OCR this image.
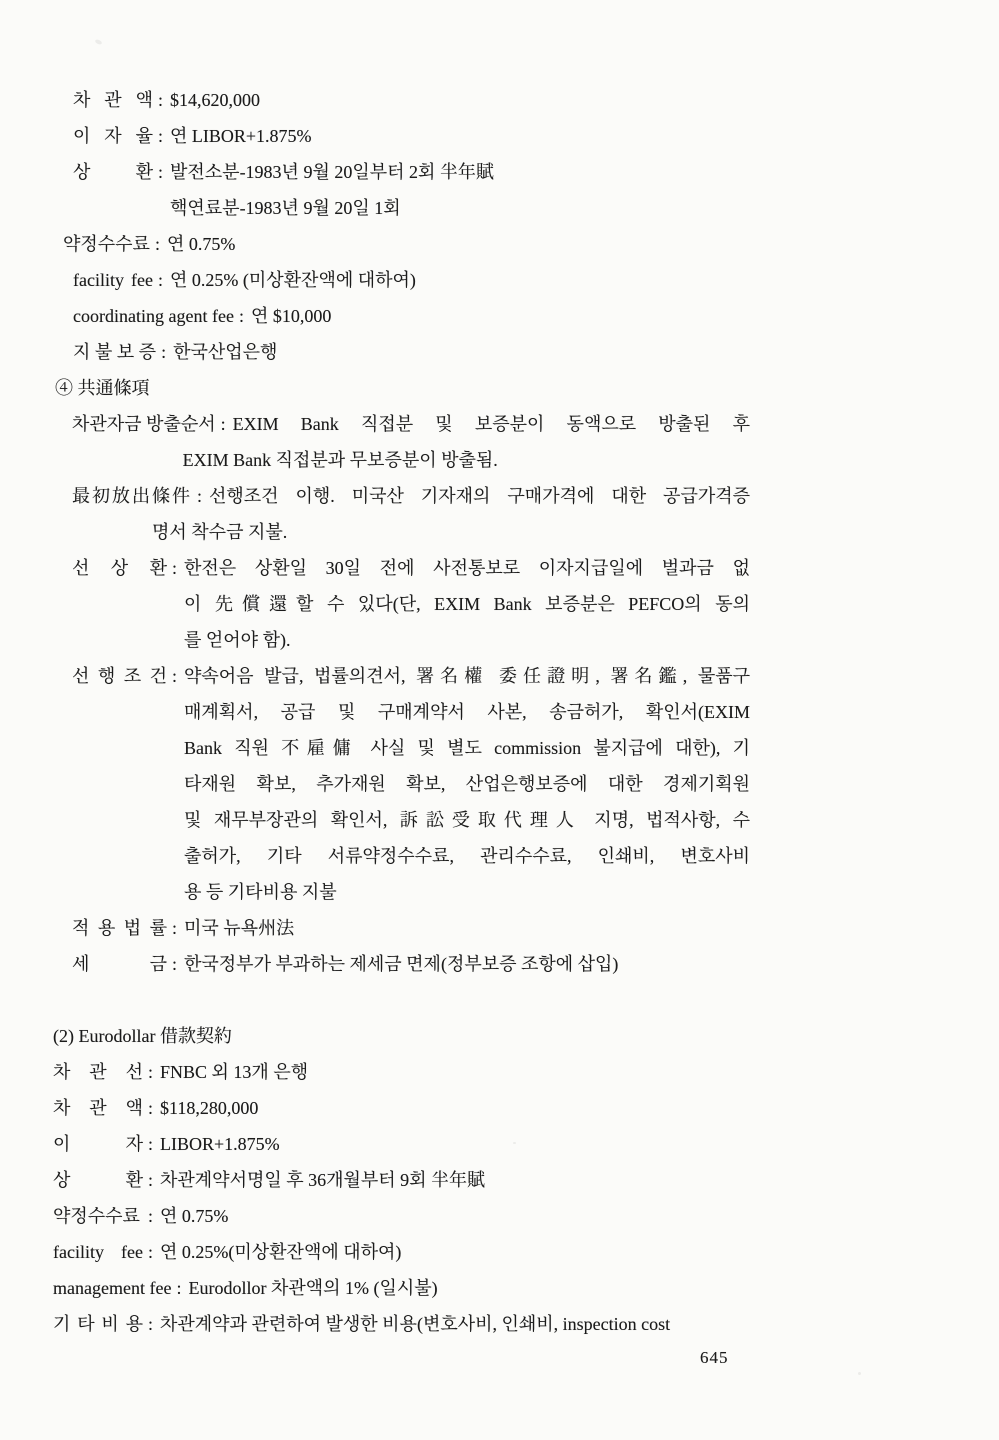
차 관 액 : $14,620,000
이 자 율 : 연 LIBOR+1.875%
상 환 : 발전소분-1983년 9월 20일부터 2회 半年賦
핵연료분-1983년 9월 20일 1회
약정수수료 : 연 0.75%
facility fee : 연 0.25% (미상환잔액에 대하여)
coordinating agent fee : 연 $10,000
지 불 보 증 : 한국산업은행
④ 共通條項
차관자금 방출순서 : EXIM Bank 직접분 및 보증분이 동액으로 방출된 후
EXIM Bank 직접분과 무보증분이 방출됨.
最初放出條件 : 선행조건 이행. 미국산 기자재의 구매가격에 대한 공급가격증
명서 착수금 지불.
선 상 환 : 한전은 상환일 30일 전에 사전통보로 이자지급일에 벌과금 없
이 先償還할 수 있다(단, EXIM Bank 보증분은 PEFCO의 동의
를 얻어야 함).
선 행 조 건 : 약속어음 발급, 법률의견서, 署名權 委任證明, 署名鑑, 물품구
매계획서, 공급 및 구매계약서 사본, 송금허가, 확인서(EXIM
Bank 직원 不雇傭 사실 및 별도 commission 불지급에 대한), 기
타재원 확보, 추가재원 확보, 산업은행보증에 대한 경제기획원
및 재무부장관의 확인서, 訴訟受取代理人 지명, 법적사항, 수
출허가, 기타 서류약정수수료, 관리수수료, 인쇄비, 변호사비
용 등 기타비용 지불
적 용 법 률 : 미국 뉴욕州法
세 금 : 한국정부가 부과하는 제세금 면제(정부보증 조항에 삽입)
(2) Eurodollar 借款契約
차 관 선 : FNBC 외 13개 은행
차 관 액 : $118,280,000
이 자 : LIBOR+1.875%
상 환 : 차관계약서명일 후 36개월부터 9회 半年賦
약정수수료 : 연 0.75%
facility fee : 연 0.25%(미상환잔액에 대하여)
management fee : Eurodollor 차관액의 1% (일시불)
기 타 비 용 : 차관계약과 관련하여 발생한 비용(변호사비, 인쇄비, inspection cost
645
